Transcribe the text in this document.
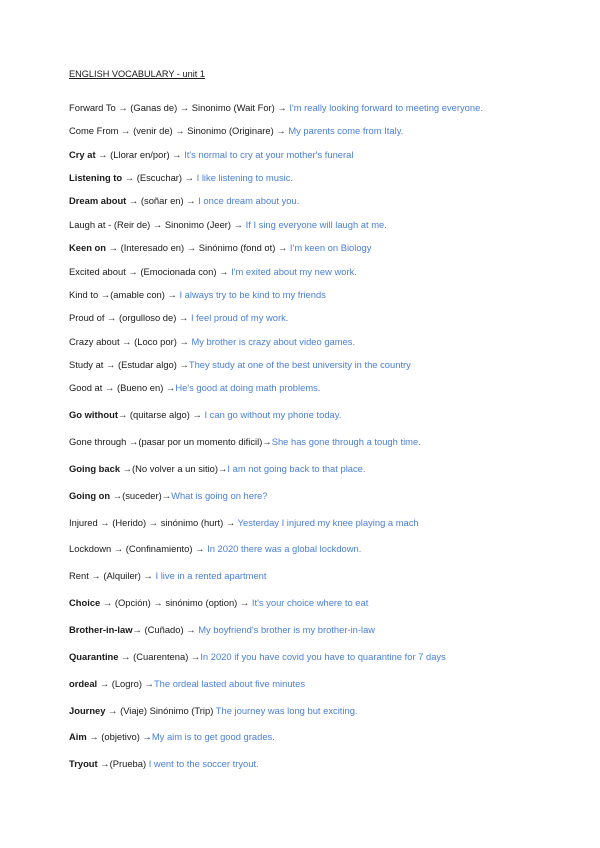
ENGLISH VOCABULARY - unit 1
Forward To → (Ganas de) → Sinonimo (Wait For) → I'm really looking forward to meeting everyone.
Come From → (venir de) → Sinonimo (Originare) → My parents come from Italy.
Cry at → (Llorar en/por) → It's normal to cry at your mother's funeral
Listening to → (Escuchar) → I like listening to music.
Dream about → (soñar en) → I once dream about you.
Laugh at - (Reir de) → Sinonimo (Jeer) → If I sing everyone will laugh at me.
Keen on → (Interesado en) → Sinónimo (fond ot) → I'm keen on Biology
Excited about → (Emocionada con) → I'm exited about my new work.
Kind to →(amable con) → I always try to be kind to my friends
Proud of → (orgulloso de) → I feel proud of my work.
Crazy about → (Loco por) → My brother is crazy about video games.
Study at → (Estudar algo) →They study at one of the best university in the country
Good at → (Bueno en) →He's good at doing math problems.
Go without→ (quitarse algo) → I can go without my phone today.
Gone through →(pasar por un momento dificil)→She has gone through a tough time.
Going back →(No volver a un sitio)→I am not going back to that place.
Going on →(suceder)→What is going on here?
Injured → (Herido) → sinónimo (hurt) → Yesterday I injured my knee playing a mach
Lockdown → (Confinamiento) → In 2020 there was a global lockdown.
Rent → (Alquiler) → I live in a rented apartment
Choice → (Opción) → sinónimo (option) → It's your choice where to eat
Brother-in-law→ (Cuñado) → My boyfriend's brother is my brother-in-law
Quarantine → (Cuarentena) →In 2020 if you have covid you have to quarantine for 7 days
ordeal → (Logro) →The ordeal lasted about five minutes
Journey → (Viaje) Sinónimo (Trip) The journey was long but exciting.
Aim → (objetivo) →My aim is to get good grades.
Tryout →(Prueba) I went to the soccer tryout.
